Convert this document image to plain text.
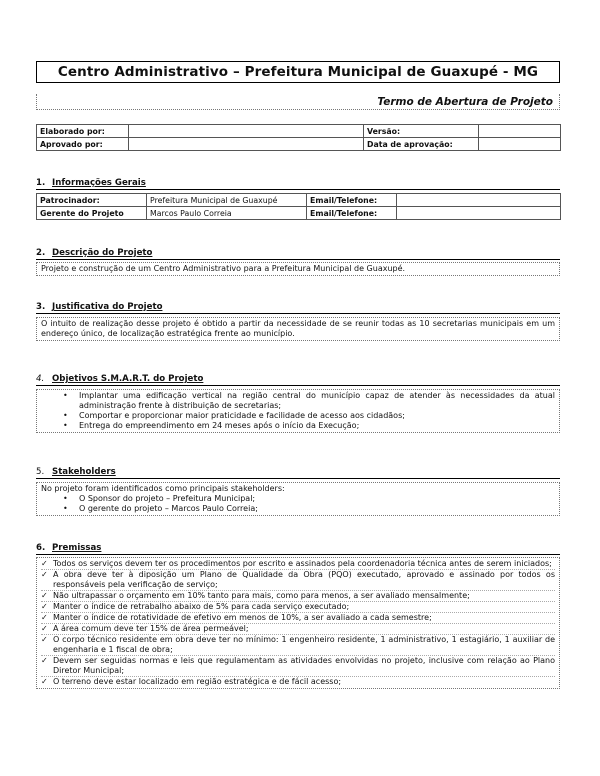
Centro Administrativo – Prefeitura Municipal de Guaxupé - MG
Termo de Abertura de Projeto
Elaborado por:		Versão:	
Aprovado por:		Data de aprovação:	
1. Informações Gerais
Patrocinador:	Prefeitura Municipal de Guaxupé	Email/Telefone:	
Gerente do Projeto	Marcos Paulo Correia	Email/Telefone:	
2. Descrição do Projeto
Projeto e construção de um Centro Administrativo para a Prefeitura Municipal de Guaxupé.
3. Justificativa do Projeto
O intuito de realização desse projeto é obtido a partir da necessidade de se reunir todas as 10 secretarias municipais em um endereço único, de localização estratégica frente ao município.
4. Objetivos S.M.A.R.T. do Projeto
• Implantar uma edificação vertical na região central do município capaz de atender às necessidades da atual administração frente à distribuição de secretarias;
• Comportar e proporcionar maior praticidade e facilidade de acesso aos cidadãos;
• Entrega do empreendimento em 24 meses após o início da Execução;
5. Stakeholders
No projeto foram identificados como principais stakeholders:
• O Sponsor do projeto – Prefeitura Municipal;
• O gerente do projeto – Marcos Paulo Correia;
6. Premissas
✓ Todos os serviços devem ter os procedimentos por escrito e assinados pela coordenadoria técnica antes de serem iniciados;
✓ A obra deve ter à diposição um Plano de Qualidade da Obra (PQO) executado, aprovado e assinado por todos os responsáveis pela verificação de serviço;
✓ Não ultrapassar o orçamento em 10% tanto para mais, como para menos, a ser avaliado mensalmente;
✓ Manter o índice de retrabalho abaixo de 5% para cada serviço executado;
✓ Manter o índice de rotatividade de efetivo em menos de 10%, a ser avaliado a cada semestre;
✓ A área comum deve ter 15% de área permeável;
✓ O corpo técnico residente em obra deve ter no mínimo: 1 engenheiro residente, 1 administrativo, 1 estagiário, 1 auxiliar de engenharia e 1 fiscal de obra;
✓ Devem ser seguidas normas e leis que regulamentam as atividades envolvidas no projeto, inclusive com relação ao Plano Diretor Municipal;
✓ O terreno deve estar localizado em região estratégica e de fácil acesso;
